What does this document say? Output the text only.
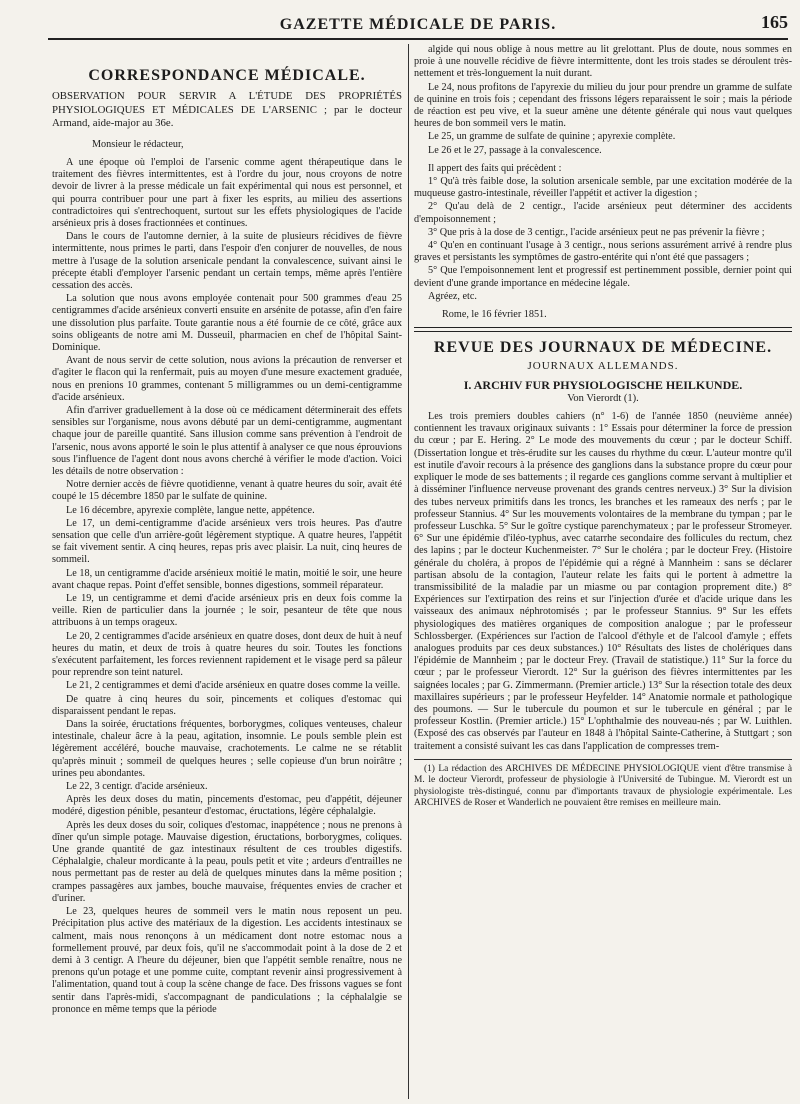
GAZETTE MÉDICALE DE PARIS.	165
CORRESPONDANCE MÉDICALE.
OBSERVATION POUR SERVIR A L'ÉTUDE DES PROPRIÉTÉS PHYSIOLOGIQUES ET MÉDICALES DE L'ARSENIC ; par le docteur Armand, aide-major au 36e.

Monsieur le rédacteur,

A une époque où l'emploi de l'arsenic comme agent thérapeutique dans le traitement des fièvres intermittentes, est à l'ordre du jour, nous croyons de notre devoir de livrer à la presse médicale un fait expérimental qui nous est personnel, et qui pourra contribuer pour une part à fixer les esprits, au milieu des assertions contradictoires qui s'entrechoquent, surtout sur les effets physiologiques de l'acide arsénieux pris à doses fractionnées et continues.

Dans le cours de l'automne dernier, à la suite de plusieurs récidives de fièvre intermittente, nous primes le parti, dans l'espoir d'en conjurer de nouvelles, de nous mettre à l'usage de la solution arsenicale pendant la convalescence, suivant ainsi le précepte établi d'employer l'arsenic pendant un certain temps, même après l'entière cessation des accès.

La solution que nous avons employée contenait pour 500 grammes d'eau 25 centigrammes d'acide arsénieux converti ensuite en arsénite de potasse, afin d'en faire une dissolution plus parfaite. Toute garantie nous a été fournie de ce côté, grâce aux soins obligeants de notre ami M. Dusseuil, pharmacien en chef de l'hôpital Saint-Dominique.

Avant de nous servir de cette solution, nous avions la précaution de renverser et d'agiter le flacon qui la renfermait, puis au moyen d'une mesure exactement graduée, nous en prenions 10 grammes, contenant 5 milligrammes ou un demi-centigramme d'acide arsénieux.

Afin d'arriver graduellement à la dose où ce médicament déterminerait des effets sensibles sur l'organisme, nous avons débuté par un demi-centigramme, augmentant chaque jour de pareille quantité. Sans illusion comme sans prévention à l'endroit de l'arsenic, nous avons apporté le soin le plus attentif à analyser ce que nous éprouvions sous l'influence de l'agent dont nous avons cherché à vérifier le mode d'action. Voici les détails de notre observation :

Notre dernier accès de fièvre quotidienne, venant à quatre heures du soir, avait été coupé le 15 décembre 1850 par le sulfate de quinine.

Le 16 décembre, apyrexie complète, langue nette, appétence.

Le 17, un demi-centigramme d'acide arsénieux vers trois heures. Pas d'autre sensation que celle d'un arrière-goût légèrement styptique. A quatre heures, l'appétit se fait vivement sentir. A cinq heures, repas pris avec plaisir. La nuit, cinq heures de sommeil.

Le 18, un centigramme d'acide arsénieux moitié le matin, moitié le soir, une heure avant chaque repas. Point d'effet sensible, bonnes digestions, sommeil réparateur.

Le 19, un centigramme et demi d'acide arsénieux pris en deux fois comme la veille. Rien de particulier dans la journée ; le soir, pesanteur de tête que nous attribuons à un temps orageux.

Le 20, 2 centigrammes d'acide arsénieux en quatre doses, dont deux de huit à neuf heures du matin, et deux de trois à quatre heures du soir. Toutes les fonctions s'exécutent parfaitement, les forces reviennent rapidement et le visage perd sa pâleur pour reprendre son teint naturel.

Le 21, 2 centigrammes et demi d'acide arsénieux en quatre doses comme la veille.

De quatre à cinq heures du soir, pincements et coliques d'estomac qui disparaissent pendant le repas.

Dans la soirée, éructations fréquentes, borborygmes, coliques venteuses, chaleur intestinale, chaleur âcre à la peau, agitation, insomnie. Le pouls semble plein est légèrement accéléré, bouche mauvaise, crachotements. Le calme ne se rétablit qu'après minuit ; sommeil de quelques heures ; selle copieuse d'un brun noirâtre ; urines peu abondantes.

Le 22, 3 centigr. d'acide arsénieux.

Après les deux doses du matin, pincements d'estomac, peu d'appétit, déjeuner modéré, digestion pénible, pesanteur d'estomac, éructations, légère céphalalgie.

Après les deux doses du soir, coliques d'estomac, inappétence ; nous ne prenons à dîner qu'un simple potage. Mauvaise digestion, éructations, borborygmes, coliques. Une grande quantité de gaz intestinaux résultent de ces troubles digestifs. Céphalalgie, chaleur mordicante à la peau, pouls petit et vite ; ardeurs d'entrailles ne nous permettant pas de rester au delà de quelques minutes dans la même position ; crampes passagères aux jambes, bouche mauvaise, fréquentes envies de cracher et d'uriner.

Le 23, quelques heures de sommeil vers le matin nous reposent un peu. Précipitation plus active des matériaux de la digestion. Les accidents intestinaux se calment, mais nous renonçons à un médicament dont notre estomac nous a formellement prouvé, par deux fois, qu'il ne s'accommodait point à la dose de 2 et demi à 3 centigr. A l'heure du déjeuner, bien que l'appétit semble renaître, nous ne prenons qu'un potage et une pomme cuite, comptant revenir ainsi progressivement à l'alimentation, quand tout à coup la scène change de face. Des frissons vagues se font sentir dans l'après-midi, s'accompagnant de pandiculations ; la céphalalgie se prononce en même temps que la période

algide qui nous oblige à nous mettre au lit grelottant. Plus de doute, nous sommes en proie à une nouvelle récidive de fièvre intermittente, dont les trois stades se déroulent très-nettement et très-longuement la nuit durant.

Le 24, nous profitons de l'apyrexie du milieu du jour pour prendre un gramme de sulfate de quinine en trois fois ; cependant des frissons légers reparaissent le soir ; mais la période de réaction est peu vive, et la sueur amène une détente générale qui nous vaut quelques heures de bon sommeil vers le matin.

Le 25, un gramme de sulfate de quinine ; apyrexie complète.

Le 26 et le 27, passage à la convalescence.

Il appert des faits qui précèdent :

1° Qu'à très faible dose, la solution arsenicale semble, par une excitation modérée de la muqueuse gastro-intestinale, réveiller l'appétit et activer la digestion ;

2° Qu'au delà de 2 centigr., l'acide arsénieux peut déterminer des accidents d'empoisonnement ;

3° Que pris à la dose de 3 centigr., l'acide arsénieux peut ne pas prévenir la fièvre ;

4° Qu'en en continuant l'usage à 3 centigr., nous serions assurément arrivé à rendre plus graves et persistants les symptômes de gastro-entérite qui n'ont été que passagers ;

5° Que l'empoisonnement lent et progressif est pertinemment possible, dernier point qui devient d'une grande importance en médecine légale.

Agréez, etc.

Rome, le 16 février 1851.

REVUE DES JOURNAUX DE MÉDECINE.
JOURNAUX ALLEMANDS.
I. ARCHIV FUR PHYSIOLOGISCHE HEILKUNDE.
Von Vierordt (1).

Les trois premiers doubles cahiers (n° 1-6) de l'année 1850 (neuvième année) contiennent les travaux originaux suivants : 1° Essais pour déterminer la force de pression du cœur ; par E. Hering. 2° Le mode des mouvements du cœur ; par le docteur Schiff. (Dissertation longue et très-érudite sur les causes du rhythme du cœur. L'auteur montre qu'il est inutile d'avoir recours à la présence des ganglions dans la substance propre du cœur pour expliquer le mode de ses battements ; il regarde ces ganglions comme servant à multiplier et à disséminer l'influence nerveuse provenant des grands centres nerveux.) 3° Sur la division des tubes nerveux primitifs dans les troncs, les branches et les rameaux des nerfs ; par le professeur Stannius. 4° Sur les mouvements volontaires de la membrane du tympan ; par le professeur Luschka. 5° Sur le goître cystique parenchymateux ; par le professeur Stromeyer. 6° Sur une épidémie d'iléo-typhus, avec catarrhe secondaire des follicules du rectum, chez des lapins ; par le docteur Kuchenmeister. 7° Sur le choléra ; par le docteur Frey. (Histoire générale du choléra, à propos de l'épidémie qui a régné à Mannheim : sans se déclarer partisan absolu de la contagion, l'auteur relate les faits qui le portent à admettre la transmissibilité de la maladie par un miasme ou par contagion proprement dite.) 8° Expériences sur l'extirpation des reins et sur l'injection d'urée et d'acide urique dans les vaisseaux des animaux néphrotomisés ; par le professeur Stannius. 9° Sur les effets physiologiques des matières organiques de composition analogue ; par le professeur Schlossberger. (Expériences sur l'action de l'alcool d'éthyle et de l'alcool d'amyle ; effets analogues produits par ces deux substances.) 10° Résultats des listes de cholériques dans l'épidémie de Mannheim ; par le docteur Frey. (Travail de statistique.) 11° Sur la force du cœur ; par le professeur Vierordt. 12° Sur la guérison des fièvres intermittentes par les saignées locales ; par G. Zimmermann. (Premier article.) 13° Sur la résection totale des deux maxillaires supérieurs ; par le professeur Heyfelder. 14° Anatomie normale et pathologique des poumons. — Sur le tubercule du poumon et sur le tubercule en général ; par le professeur Kostlin. (Premier article.) 15° L'ophthalmie des nouveau-nés ; par W. Luithlen. (Exposé des cas observés par l'auteur en 1848 à l'hôpital Sainte-Catherine, à Stuttgart ; son traitement a consisté suivant les cas dans l'application de compresses trem-

(1) La rédaction des ARCHIVES DE MÉDECINE PHYSIOLOGIQUE vient d'être transmise à M. le docteur Vierordt, professeur de physiologie à l'Université de Tubingue. M. Vierordt est un physiologiste très-distingué, connu par d'importants travaux de physiologie expérimentale. Les ARCHIVES de Roser et Wanderlich ne pouvaient être remises en meilleure main.
